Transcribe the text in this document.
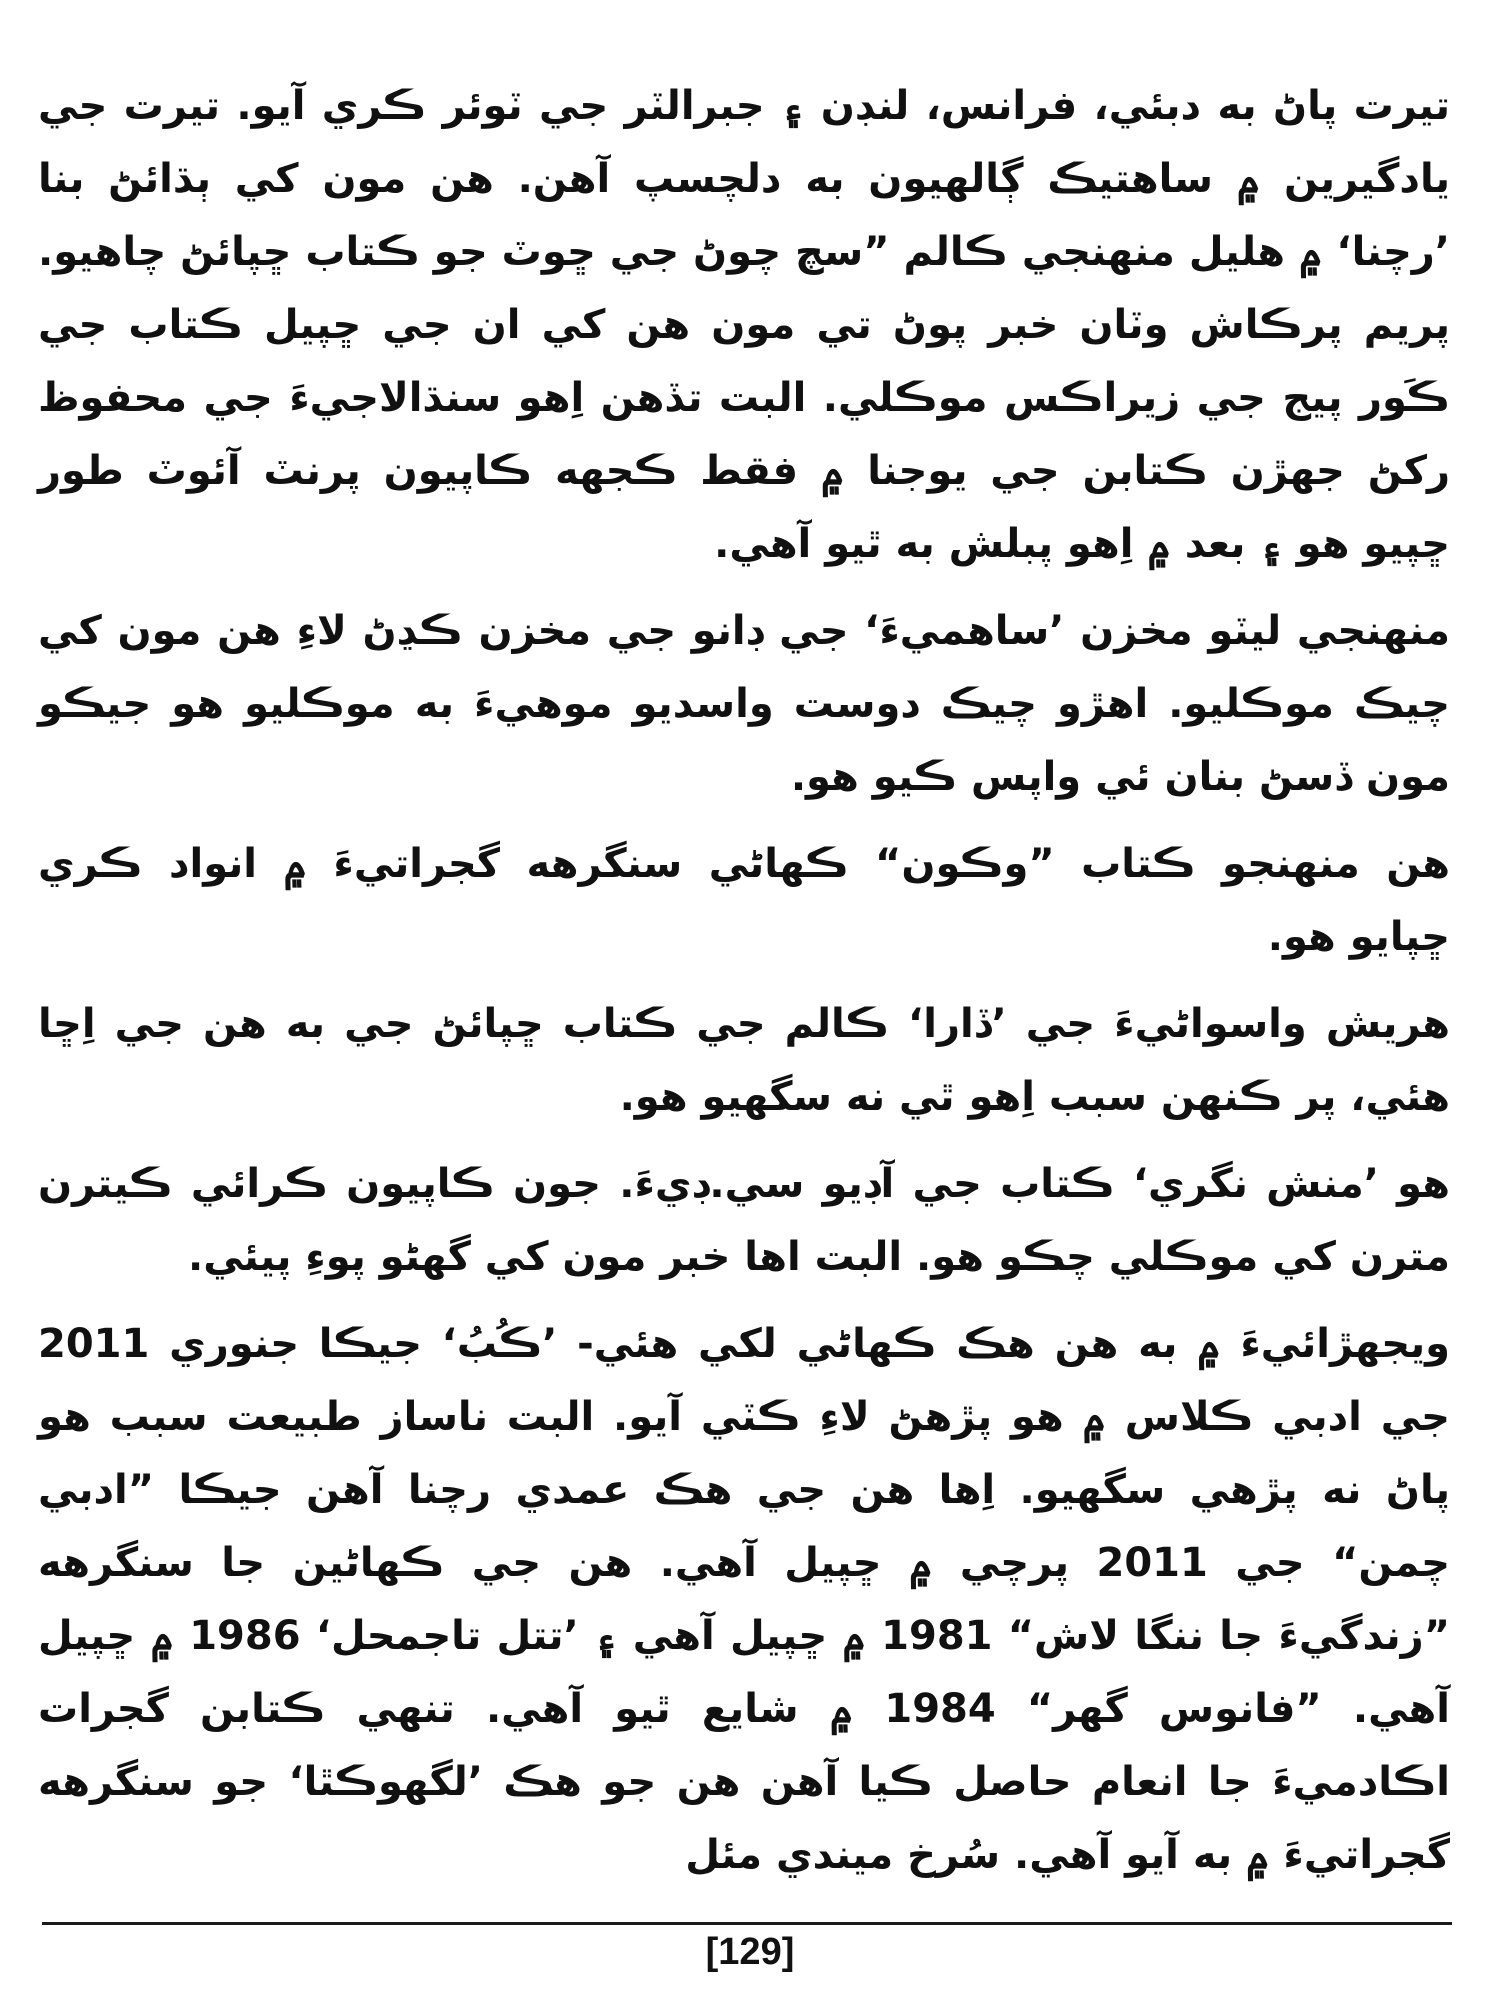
تيرت پاڻ به دبئي، فرانس، لنڊن ۽ جبرالٽر جي ٽوئر ڪري آيو. تيرت جي يادگيرين ۾ ساهتيڪ ڳالهيون به دلچسپ آهن. هن مون کي ٻڌائڻ بنا ’رچنا‘ ۾ هليل منهنجي ڪالم ”سچ چوڻ جي ڇوٽ جو ڪتاب ڇپائڻ چاهيو. پريم پرڪاش وٽان خبر پوڻ تي مون هن کي ان جي ڇپيل ڪتاب جي ڪَور پيج جي زيراڪس موڪلي. البت تڏهن اِهو سنڌالاجيءَ جي محفوظ رکڻ جهڙن ڪتابن جي يوجنا ۾ فقط ڪجهه ڪاپيون پرنٽ آئوٽ طور ڇپيو هو ۽ بعد ۾ اِهو پبلش به ٿيو آهي.

منهنجي ليٽو مخزن ’ساهميءَ‘ جي ڊانو جي مخزن ڪڍڻ لاءِ هن مون کي چيڪ موڪليو. اهڙو چيڪ دوست واسديو موهيءَ به موڪليو هو جيڪو مون ڏسڻ بنان ئي واپس ڪيو هو.

هن منهنجو ڪتاب ”وڪون“ ڪهاڻي سنگرهه گجراتيءَ ۾ انواد ڪري ڇپايو هو.

هريش واسواڻيءَ جي ’ڏارا‘ ڪالم جي ڪتاب ڇپائڻ جي به هن جي اِڇا هئي، پر ڪنهن سبب اِهو ٿي نه سگهيو هو.

هو ’منش نگري‘ ڪتاب جي آڊيو سي.ڊيءَ. جون ڪاپيون ڪرائي ڪيترن مترن کي موڪلي چڪو هو. البت اها خبر مون کي گهڻو پوءِ پيئي.

ويجهڙائيءَ ۾ به هن هڪ ڪهاڻي لکي هئي- ’ڪُبُ‘ جيڪا جنوري 2011 جي ادبي ڪلاس ۾ هو پڙهڻ لاءِ ڪٽي آيو. البت ناساز طبيعت سبب هو پاڻ نه پڙهي سگهيو. اِها هن جي هڪ عمدي رچنا آهن جيڪا ”ادبي چمن“ جي 2011 پرچي ۾ ڇپيل آهي. هن جي ڪهاڻين جا سنگرهه ”زندگيءَ جا ننگا لاش“ 1981 ۾ ڇپيل آهي ۽ ’تتل تاجمحل‘ 1986 ۾ ڇپيل آهي. ”فانوس گهر“ 1984 ۾ شايع ٿيو آهي. تنهي ڪتابن گجرات اڪادميءَ جا انعام حاصل ڪيا آهن هن جو هڪ ’لگهوڪٿا‘ جو سنگرهه گجراتيءَ ۾ به آيو آهي. سُرخ ميندي مئل

[129]
